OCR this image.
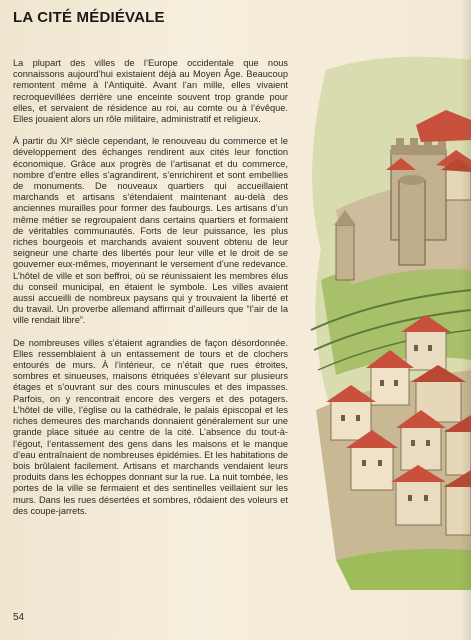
LA CITÉ MÉDIÉVALE

La plupart des villes de l’Europe occidentale que nous connaissons aujourd’hui existaient déjà au Moyen Âge. Beaucoup remontent même à l’Antiquité. Avant l’an mille, elles vivaient recroquevillées derrière une enceinte souvent trop grande pour elles, et servaient de résidence au roi, au comte ou à l’évêque. Elles jouaient alors un rôle militaire, administratif et religieux.

À partir du XIᵉ siècle cependant, le renouveau du commerce et le développement des échanges rendirent aux cités leur fonction économique. Grâce aux progrès de l’artisanat et du commerce, nombre d’entre elles s’agrandirent, s’enrichirent et sont embellies de monuments. De nouveaux quartiers qui accueillaient marchands et artisans s’étendaient maintenant au-delà des anciennes murailles pour former des faubourgs. Les artisans d’un même métier se regroupaient dans certains quartiers et formaient de véritables communautés. Forts de leur puissance, les plus riches bourgeois et marchands avaient souvent obtenu de leur seigneur une charte des libertés pour leur ville et le droit de se gouverner eux-mêmes, moyennant le versement d’une redevance. L’hôtel de ville et son beffroi, où se réunissaient les membres élus du conseil municipal, en étaient le symbole. Les villes avaient aussi accueilli de nombreux paysans qui y trouvaient la liberté et du travail. Un proverbe allemand affirmait d’ailleurs que “l’air de la ville rendait libre”.

De nombreuses villes s’étaient agrandies de façon désordonnée. Elles ressemblaient à un entassement de tours et de clochers entourés de murs. À l’intérieur, ce n’était que rues étroites, sombres et sinueuses, maisons étriquées s’élevant sur plusieurs étages et s’ouvrant sur des cours minuscules et des impasses. Parfois, on y rencontrait encore des vergers et des potagers. L’hôtel de ville, l’église ou la cathédrale, le palais épiscopal et les riches demeures des marchands donnaient généralement sur une grande place située au centre de la cité. L’absence du tout-à-l’égout, l’entassement des gens dans les maisons et le manque d’eau entraînaient de nombreuses épidémies. Et les habitations de bois brûlaient facilement. Artisans et marchands vendaient leurs produits dans les échoppes donnant sur la rue. La nuit tombée, les portes de la ville se fermaient et des sentinelles veillaient sur les murs. Dans les rues désertées et sombres, rôdaient des voleurs et des coupe-jarrets.

54
